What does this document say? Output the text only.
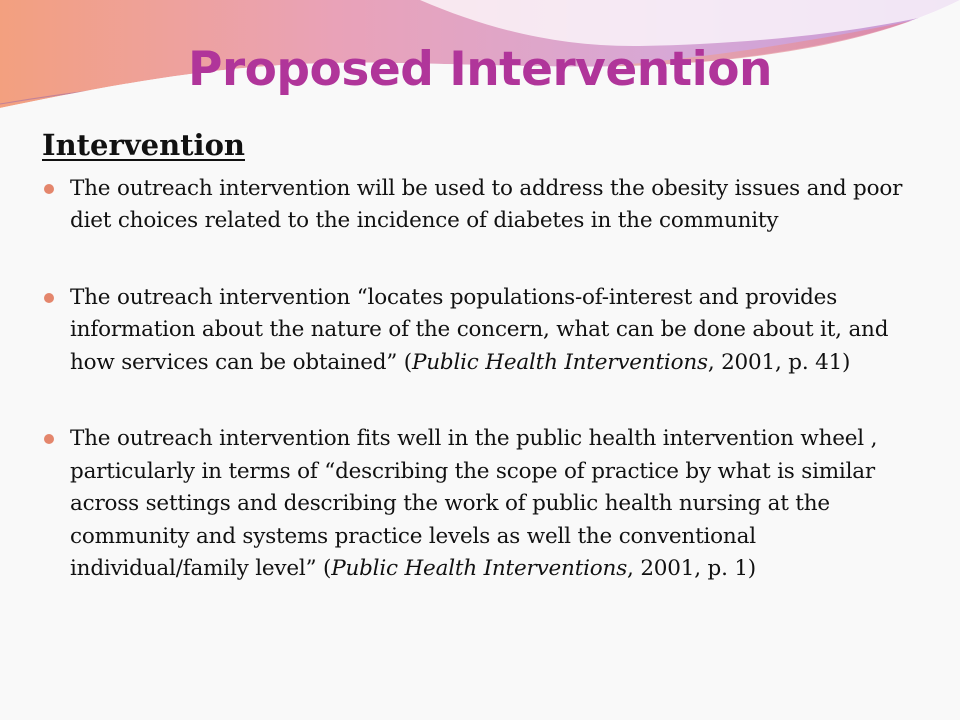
Proposed Intervention
Intervention
The outreach intervention will be used to address the obesity issues and poor diet choices related to the incidence of diabetes in the community
The outreach intervention “locates populations-of-interest and provides information about the nature of the concern, what can be done about it, and how services can be obtained” (Public Health Interventions, 2001, p. 41)
The outreach intervention fits well in the public health intervention wheel , particularly in terms of “describing the scope of practice by what is similar across settings and describing the work of public health nursing at the community and systems practice levels as well the conventional individual/family level” (Public Health Interventions, 2001, p. 1)
